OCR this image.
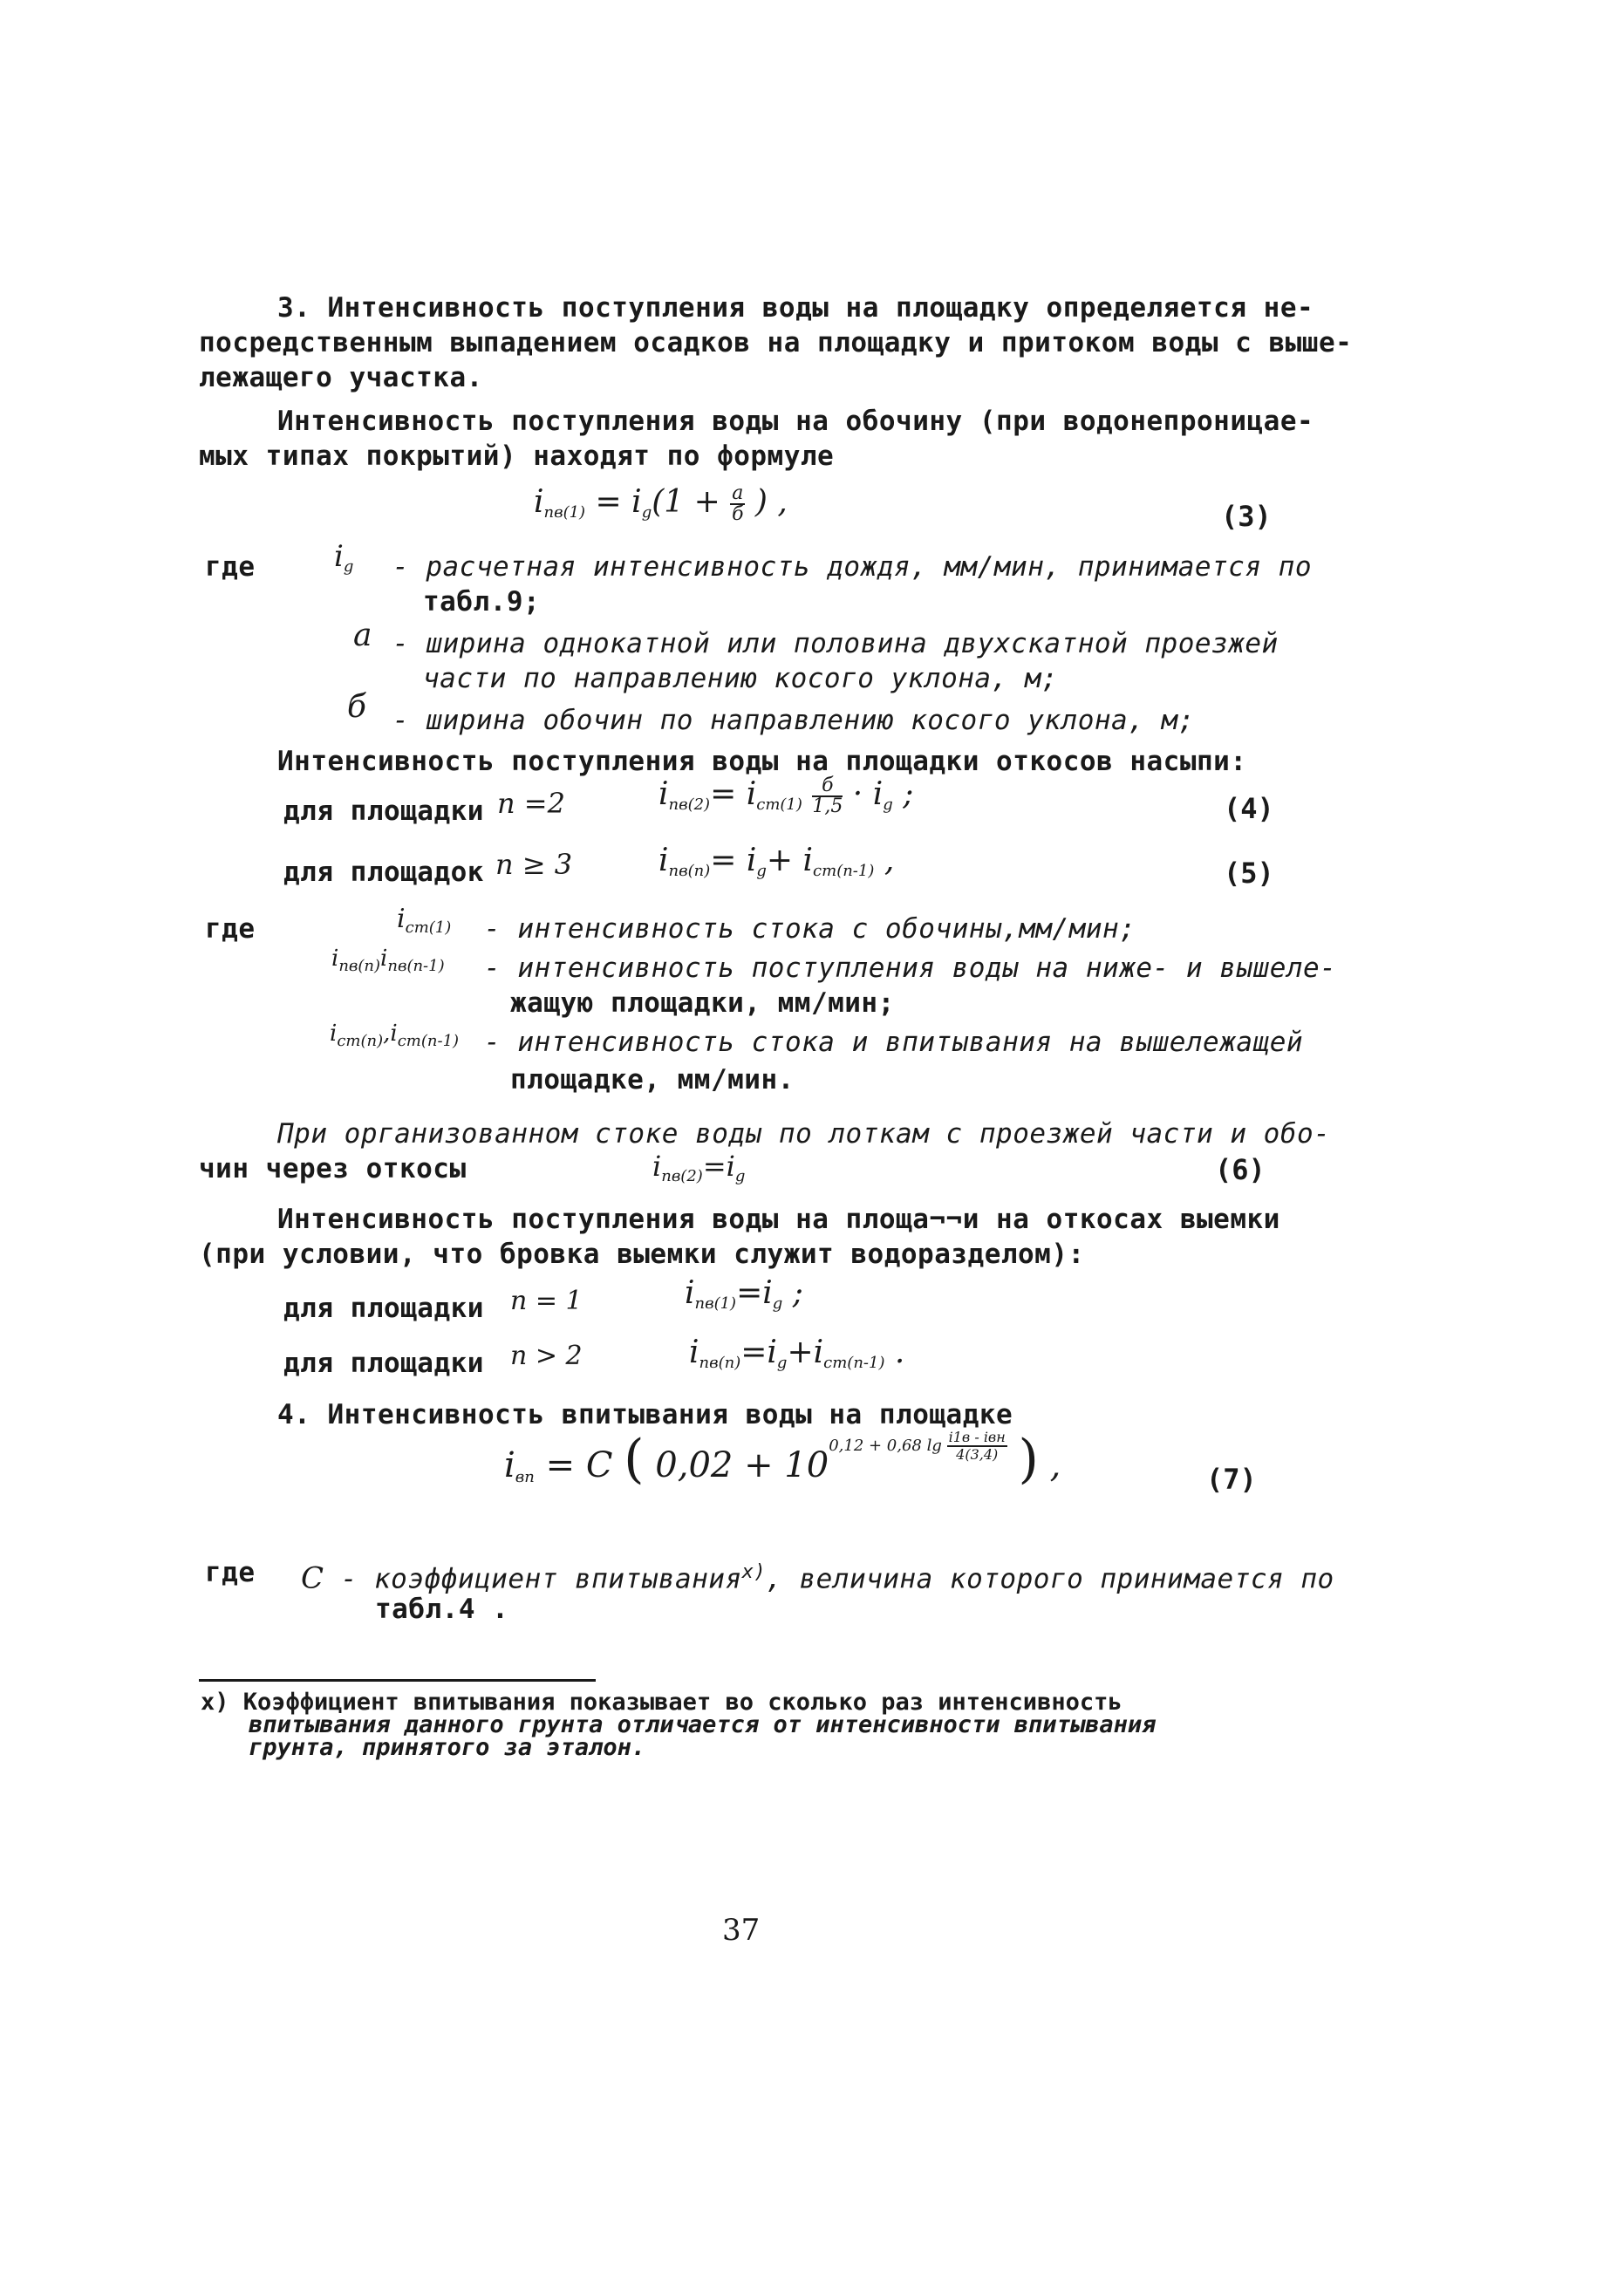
3. Интенсивность поступления воды на площадку определяется не-
посредственным выпадением осадков на площадку и притоком воды с выше-
лежащего участка.
Интенсивность поступления воды на обочину (при водонепроницае-
мых типах покрытий) находят по формуле
$i_{пв(1)} = i_g(1 + \frac{a}{б}$ ) ,	(3)
где	$i_g$ - расчетная интенсивность дождя, мм/мин, принимается по
табл.9;
a - ширина однокатной или половина двухскатной проезжей
части по направлению косого уклона, м;
б - ширина обочин по направлению косого уклона, м;
Интенсивность поступления воды на площадки откосов насыпи:
для площадки n =2	$i_{пв(2)}= i_{ст(1)} \frac{б}{1,5} \cdot i_g$ ;	(4)
для площадок n ≥ 3	$i_{пв(n)}= i_g+ i_{ст(n-1)}$ ,	(5)
где	$i_{ст(1)}$ - интенсивность стока с обочины,мм/мин;
$i_{пв(n)}i_{пв(n-1)}$ - интенсивность поступления воды на ниже- и вышеле-
жащую площадки, мм/мин;
$i_{ст(n)},i_{ст(n-1)}$ - интенсивность стока и впитывания на вышележащей
площадке, мм/мин.
При организованном стоке воды по лоткам с проезжей части и обо-
чин через откосы	$i_{пв(2)}=i_g$	(6)
Интенсивность поступления воды на площа¬¬и на откосах выемки
(при условии, что бровка выемки служит водоразделом):
для площадки n = 1	$i_{пв(1)}=i_g$ ;
для площадки n > 2	$i_{пв(n)}=i_g+i_{ст(n-1)}$ .
4. Интенсивность впитывания воды на площадке
$i_{вп} = C$ ( $0,02 + 10^{0,12 + 0,68 lg \frac{\text{i1в - iвн}}{4(3,4)}}$ ) ,	(7)
где C - коэффициент впитывания$^{x)}$, величина которого принимается по
табл.4 .
х) Коэффициент впитывания показывает во сколько раз интенсивность
впитывания данного грунта отличается от интенсивности впитывания
грунта, принятого за эталон.
37
